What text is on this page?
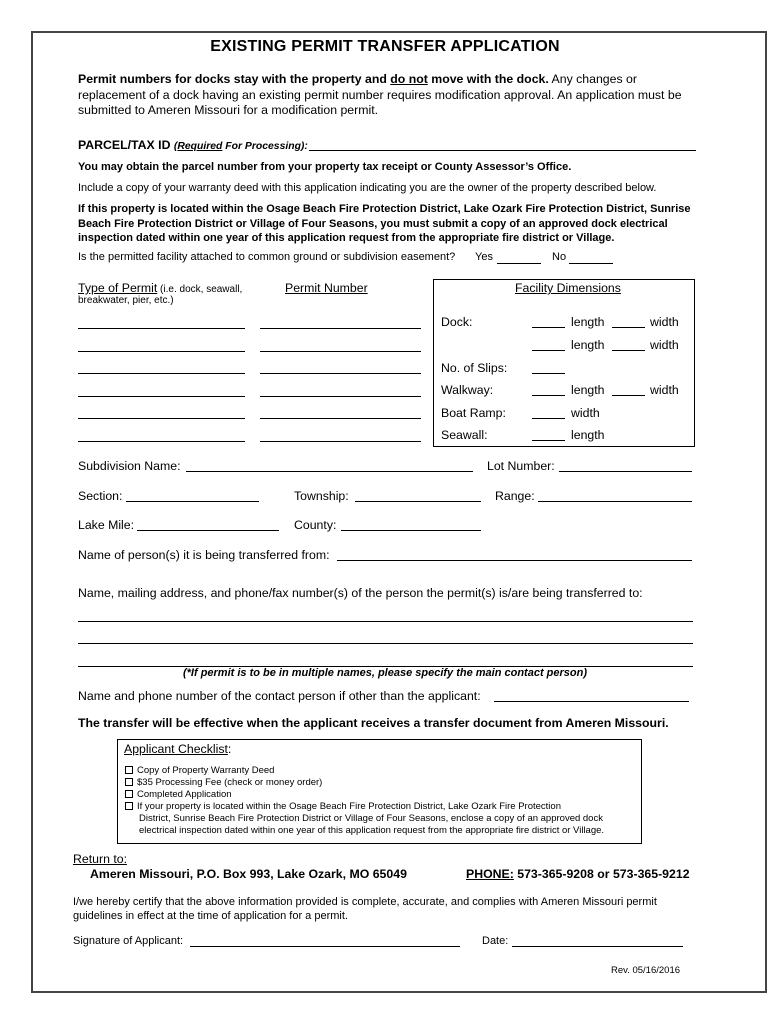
EXISTING PERMIT TRANSFER APPLICATION
Permit numbers for docks stay with the property and do not move with the dock. Any changes or replacement of a dock having an existing permit number requires modification approval. An application must be submitted to Ameren Missouri for a modification permit.
PARCEL/TAX ID (Required For Processing):
You may obtain the parcel number from your property tax receipt or County Assessor’s Office.
Include a copy of your warranty deed with this application indicating you are the owner of the property described below.
If this property is located within the Osage Beach Fire Protection District, Lake Ozark Fire Protection District, Sunrise Beach Fire Protection District or Village of Four Seasons, you must submit a copy of an approved dock electrical inspection dated within one year of this application request from the appropriate fire district or Village.
Is the permitted facility attached to common ground or subdivision easement? Yes	No
Type of Permit (i.e. dock, seawall,
breakwater, pier, etc.)
Permit Number	Facility Dimensions
Dock:	length	width
length	width
No. of Slips:
Walkway:	length	width
Boat Ramp:	width
Seawall:	length
Subdivision Name:	Lot Number:
Section:	Township:	Range:
Lake Mile:	County:
Name of person(s) it is being transferred from:
Name, mailing address, and phone/fax number(s) of the person the permit(s) is/are being transferred to:
(*If permit is to be in multiple names, please specify the main contact person)
Name and phone number of the contact person if other than the applicant:
The transfer will be effective when the applicant receives a transfer document from Ameren Missouri.
Applicant Checklist:
Copy of Property Warranty Deed
$35 Processing Fee (check or money order)
Completed Application
If your property is located within the Osage Beach Fire Protection District, Lake Ozark Fire Protection
District, Sunrise Beach Fire Protection District or Village of Four Seasons, enclose a copy of an approved dock
electrical inspection dated within one year of this application request from the appropriate fire district or Village.
Return to:
Ameren Missouri, P.O. Box 993, Lake Ozark, MO 65049	PHONE: 573-365-9208 or 573-365-9212
I/we hereby certify that the above information provided is complete, accurate, and complies with Ameren Missouri permit guidelines in effect at the time of application for a permit.
Signature of Applicant:	Date:
Rev. 05/16/2016
